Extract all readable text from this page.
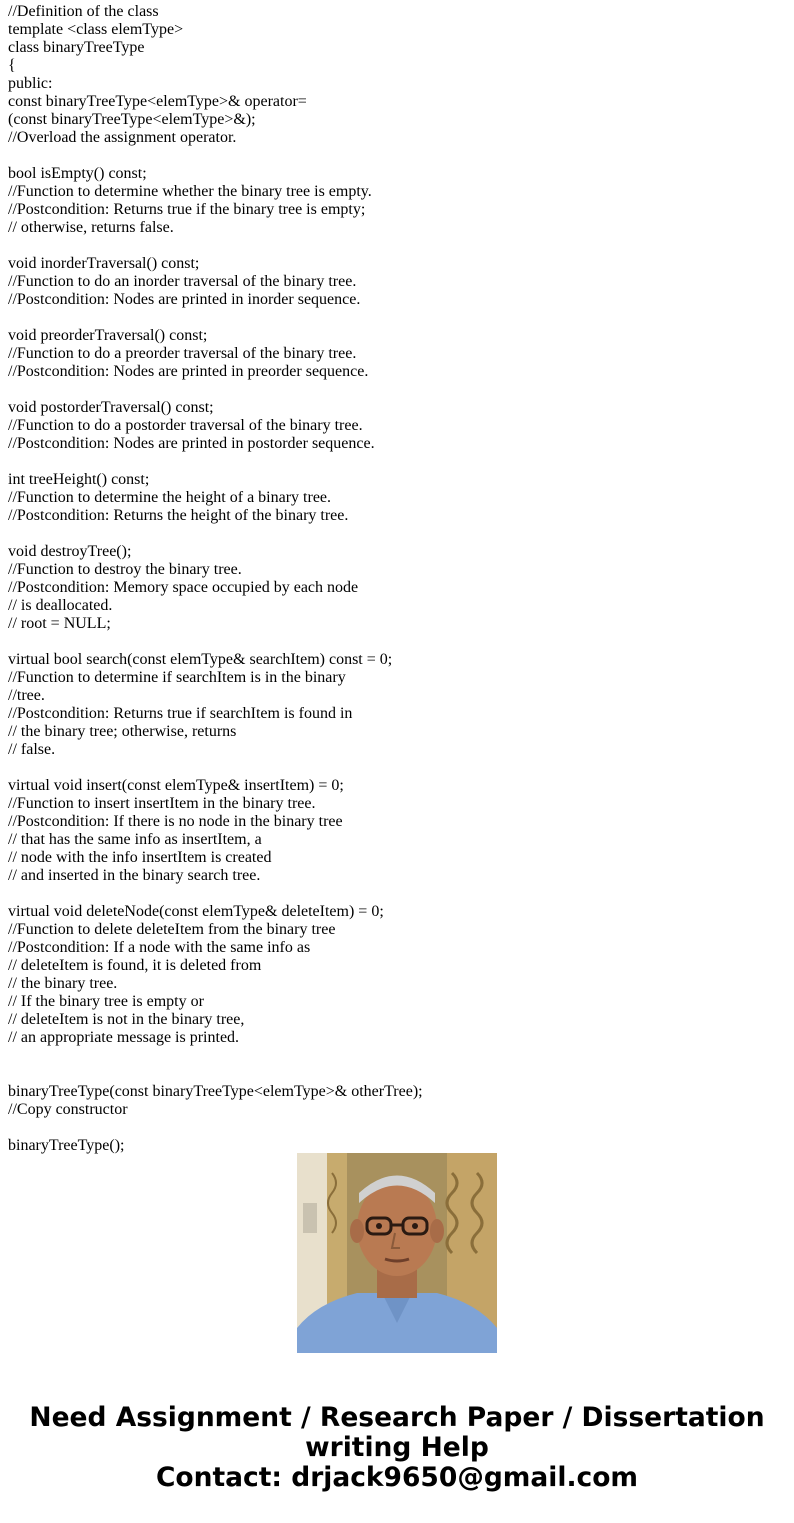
//Definition of the class
template <class elemType>
class binaryTreeType
{
public:
const binaryTreeType<elemType>& operator=
(const binaryTreeType<elemType>&);
//Overload the assignment operator.
bool isEmpty() const;
//Function to determine whether the binary tree is empty.
//Postcondition: Returns true if the binary tree is empty;
// otherwise, returns false.
void inorderTraversal() const;
//Function to do an inorder traversal of the binary tree.
//Postcondition: Nodes are printed in inorder sequence.
void preorderTraversal() const;
//Function to do a preorder traversal of the binary tree.
//Postcondition: Nodes are printed in preorder sequence.
void postorderTraversal() const;
//Function to do a postorder traversal of the binary tree.
//Postcondition: Nodes are printed in postorder sequence.
int treeHeight() const;
//Function to determine the height of a binary tree.
//Postcondition: Returns the height of the binary tree.
void destroyTree();
//Function to destroy the binary tree.
//Postcondition: Memory space occupied by each node
// is deallocated.
// root = NULL;
virtual bool search(const elemType& searchItem) const = 0;
//Function to determine if searchItem is in the binary
//tree.
//Postcondition: Returns true if searchItem is found in
// the binary tree; otherwise, returns
// false.
virtual void insert(const elemType& insertItem) = 0;
//Function to insert insertItem in the binary tree.
//Postcondition: If there is no node in the binary tree
// that has the same info as insertItem, a
// node with the info insertItem is created
// and inserted in the binary search tree.
virtual void deleteNode(const elemType& deleteItem) = 0;
//Function to delete deleteItem from the binary tree
//Postcondition: If a node with the same info as
// deleteItem is found, it is deleted from
// the binary tree.
// If the binary tree is empty or
// deleteItem is not in the binary tree,
// an appropriate message is printed.
binaryTreeType(const binaryTreeType<elemType>& otherTree);
//Copy constructor
binaryTreeType();
Need Assignment / Research Paper / Dissertation
writing Help
Contact: drjack9650@gmail.com
